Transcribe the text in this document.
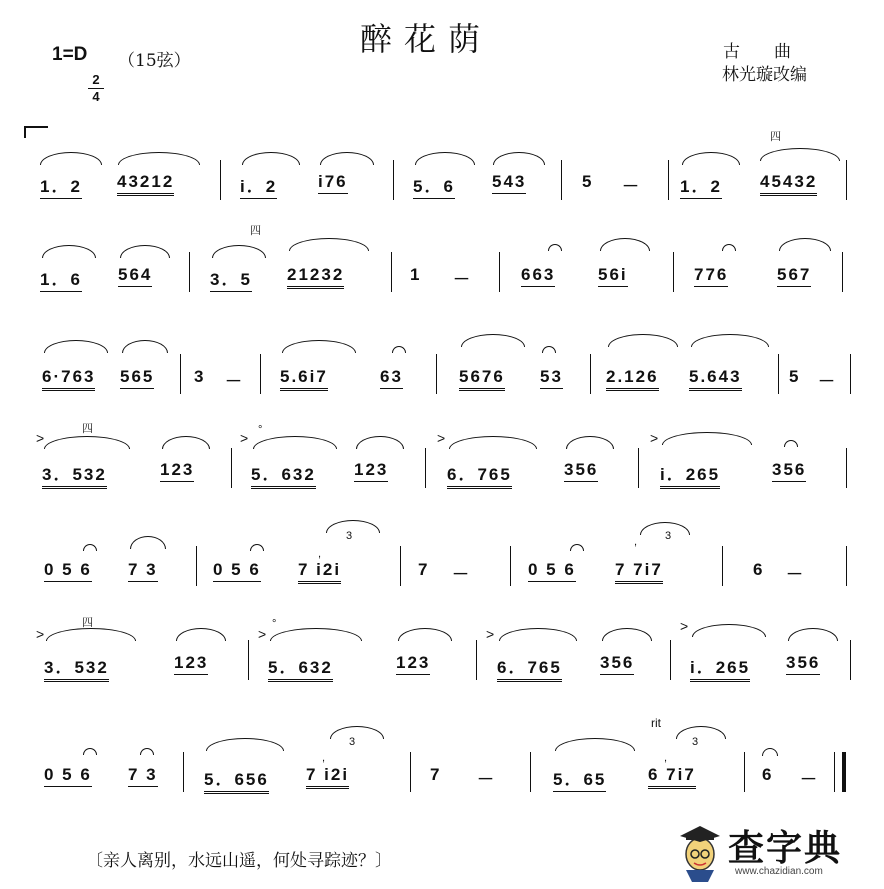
醉花荫
1=D （15弦）
2
4
古曲
林光璇改编
1．2 43212	i．2 i76	5．6 543	5 － 1．2 45432
四
1．6 564	3．5 21232	1 －	663	56i	776	567
四
6·763 565 3 － 5.6i7	63	5676 53	2.126 5.643	5 －
3．532	123	5．632 123	6．765	356	i．265	356
>	>	>	>
四	°
0 5 6 7 3	0 5 6 7 i2i	7 －	0 5 6 7 7i7	6 －
3	3
,
,
3．532	123	5．632	123	6．765 356	i．265 356
>	>	>	>
四	°
0 5 6 7 3	5．656 7 i2i	7 －	5．65 6 7i7	6 －
3	3
,	,
rit
〔亲人离别，水远山遥，何处寻踪迹？〕	查字典
www.chazidian.com
